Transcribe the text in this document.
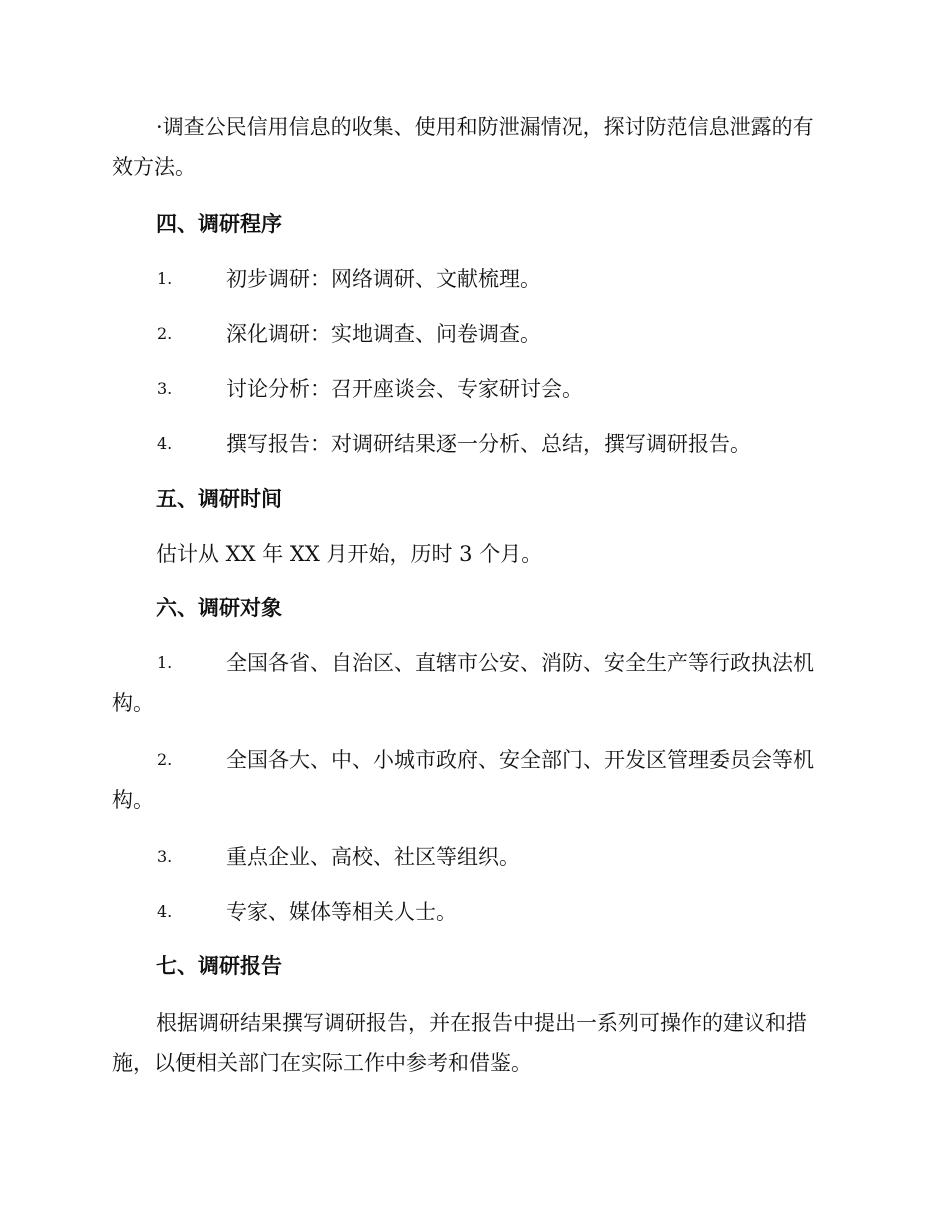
·调查公民信用信息的收集、使用和防泄漏情况，探讨防范信息泄露的有效方法。

四、调研程序
1.	初步调研：网络调研、文献梳理。

2.	深化调研：实地调查、问卷调查。

3.	讨论分析：召开座谈会、专家研讨会。

4.	撰写报告：对调研结果逐一分析、总结，撰写调研报告。

五、调研时间

估计从 XX 年 XX 月开始，历时 3 个月。

六、调研对象
1.	全国各省、自治区、直辖市公安、消防、安全生产等行政执法机构。

2.	全国各大、中、小城市政府、安全部门、开发区管理委员会等机构。

3.	重点企业、高校、社区等组织。

4.	专家、媒体等相关人士。

七、调研报告

根据调研结果撰写调研报告，并在报告中提出一系列可操作的建议和措施，以便相关部门在实际工作中参考和借鉴。
